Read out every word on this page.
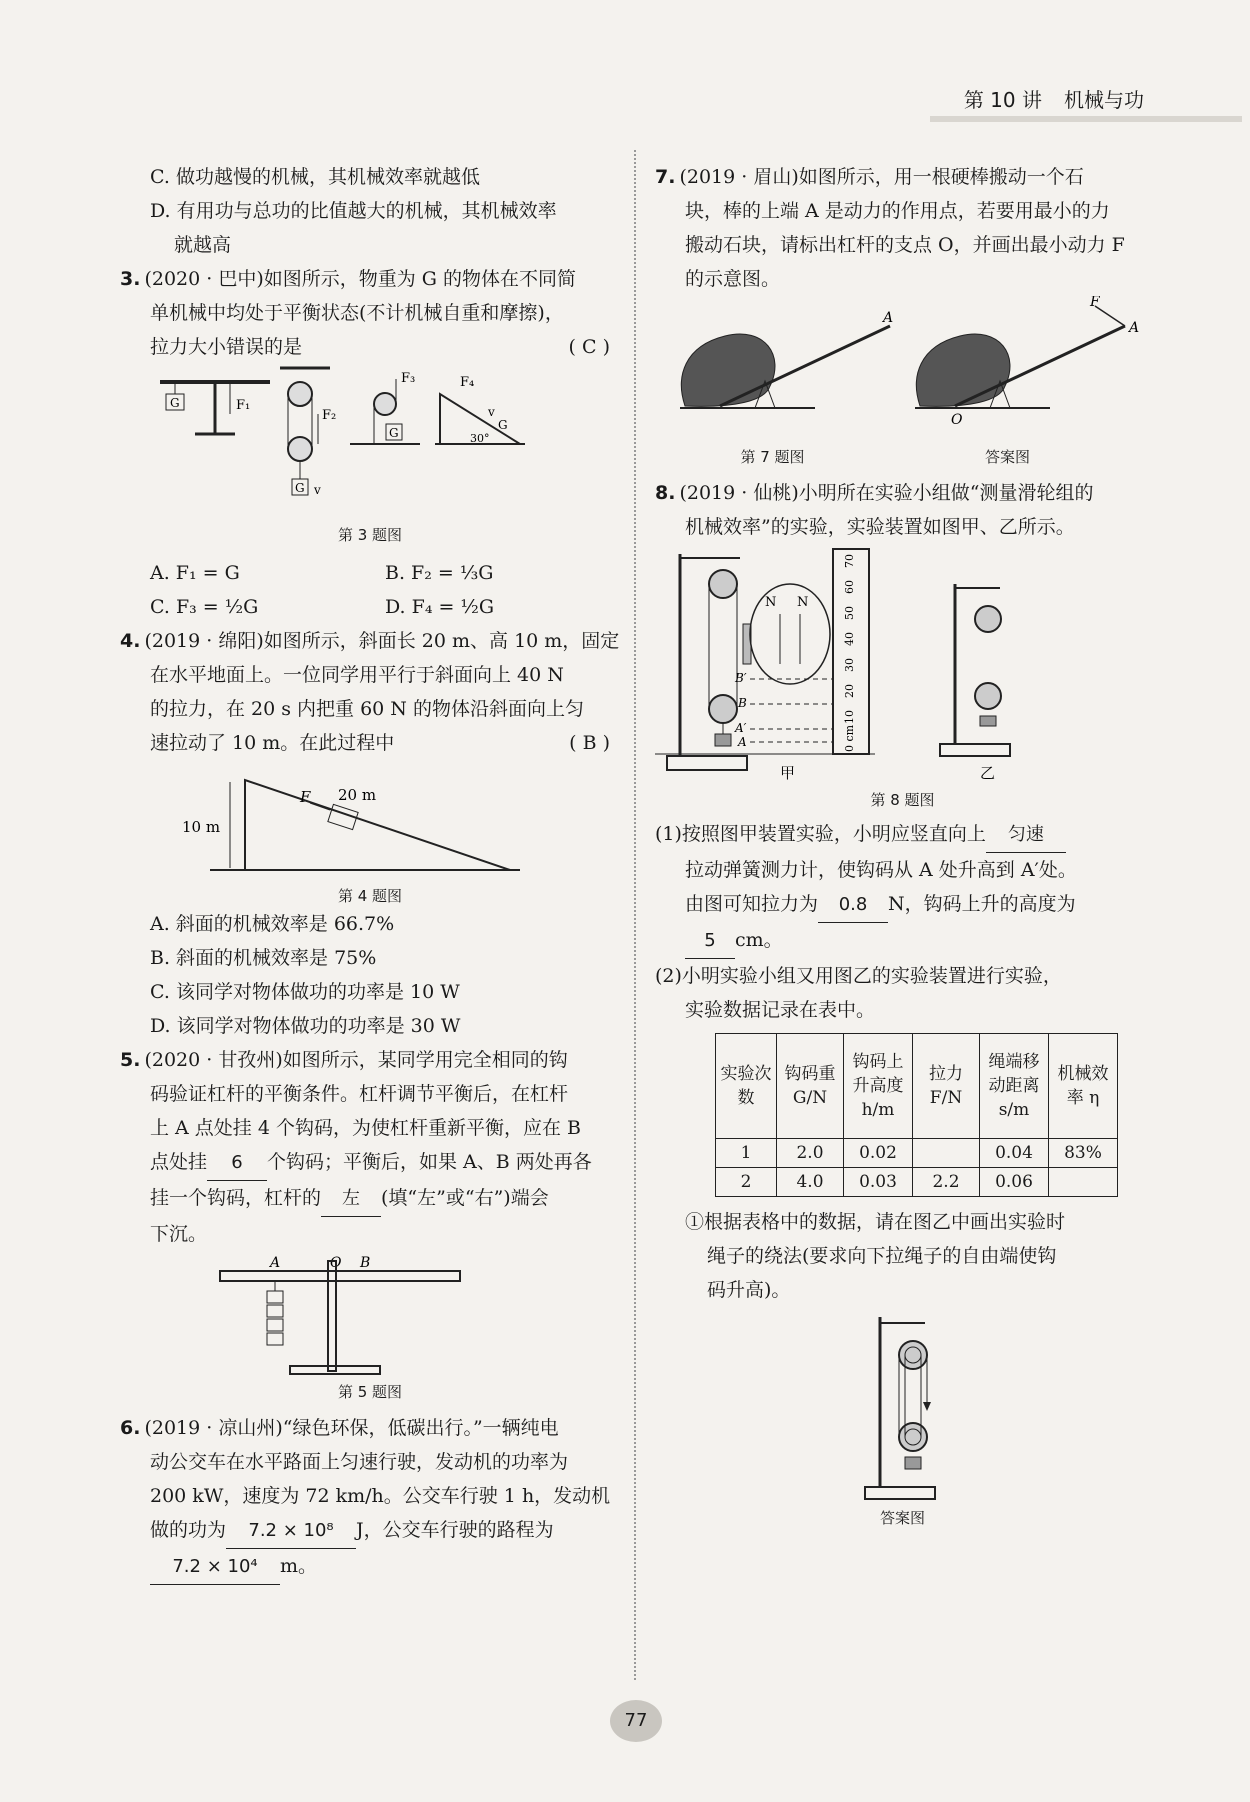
第 10 讲 机械与功
C. 做功越慢的机械，其机械效率就越低
D. 有用功与总功的比值越大的机械，其机械效率
就越高
3. (2020 · 巴中)如图所示，物重为 G 的物体在不同简
单机械中均处于平衡状态(不计机械自重和摩擦)，
拉力大小错误的是	( C )
G	F₁
F₂
G v
F₃
G
F₄
v
G
30°
第 3 题图
A. F₁ = G	B. F₂ = ⅓G
C. F₃ = ½G	D. F₄ = ½G
4. (2019 · 绵阳)如图所示，斜面长 20 m、高 10 m，固定
在水平地面上。一位同学用平行于斜面向上 40 N
的拉力，在 20 s 内把重 60 N 的物体沿斜面向上匀
速拉动了 10 m。在此过程中	( B )
10 m
F 20 m
第 4 题图
A. 斜面的机械效率是 66.7%
B. 斜面的机械效率是 75%
C. 该同学对物体做功的功率是 10 W
D. 该同学对物体做功的功率是 30 W
5. (2020 · 甘孜州)如图所示，某同学用完全相同的钩
码验证杠杆的平衡条件。杠杆调节平衡后，在杠杆
上 A 点处挂 4 个钩码，为使杠杆重新平衡，应在 B
点处挂 6 个钩码；平衡后，如果 A、B 两处再各
挂一个钩码，杠杆的 左 (填“左”或“右”)端会
下沉。
A	O B
第 5 题图
6. (2019 · 凉山州)“绿色环保，低碳出行。”一辆纯电
动公交车在水平路面上匀速行驶，发动机的功率为
200 kW，速度为 72 km/h。公交车行驶 1 h，发动机
做的功为 7.2 × 10⁸ J，公交车行驶的路程为
7.2 × 10⁴ m。
7. (2019 · 眉山)如图所示，用一根硬棒搬动一个石
块，棒的上端 A 是动力的作用点，若要用最小的力
搬动石块，请标出杠杆的支点 O，并画出最小动力 F
的示意图。
A
F
A
O
第 7 题图	答案图
8. (2019 · 仙桃)小明所在实验小组做“测量滑轮组的
机械效率”的实验，实验装置如图甲、乙所示。
N N
70
60
50
40
30
20
10
0 cm
B′
B
A′
A
甲	乙
第 8 题图
(1)按照图甲装置实验，小明应竖直向上 匀速
拉动弹簧测力计，使钩码从 A 处升高到 A′处。
由图可知拉力为 0.8 N，钩码上升的高度为
5 cm。
(2)小明实验小组又用图乙的实验装置进行实验，
实验数据记录在表中。
实验次数	钩码重 G/N	钩码上升高度 h/m	拉力 F/N	绳端移动距离 s/m	机械效率 η
1	2.0	0.02		0.04	83%
2	4.0	0.03	2.2	0.06	
①根据表格中的数据，请在图乙中画出实验时
绳子的绕法(要求向下拉绳子的自由端使钩
码升高)。
答案图
77
